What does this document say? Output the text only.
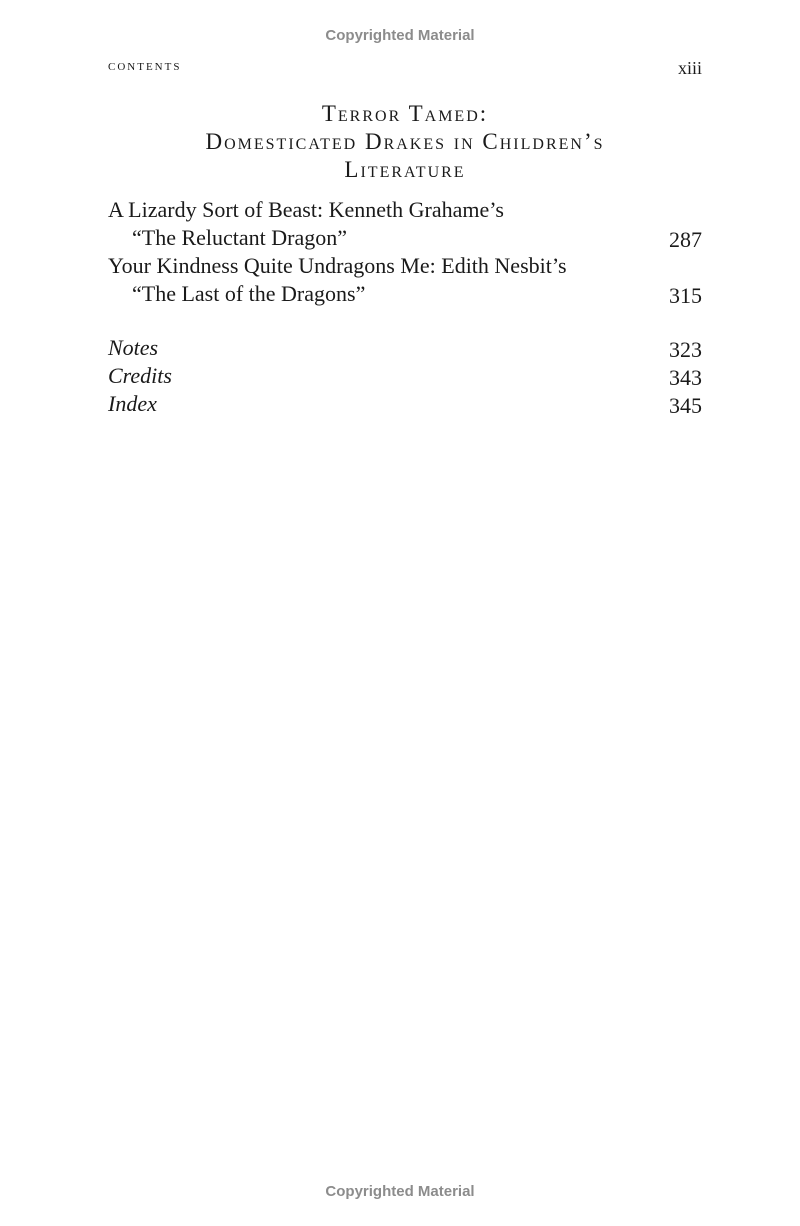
Copyrighted Material
contents	xiii
Terror Tamed:
Domesticated Drakes in Children’s
Literature
A Lizardy Sort of Beast: Kenneth Grahame’s
“The Reluctant Dragon”	287
Your Kindness Quite Undragons Me: Edith Nesbit’s
“The Last of the Dragons”	315
Notes	323
Credits	343
Index	345
Copyrighted Material
